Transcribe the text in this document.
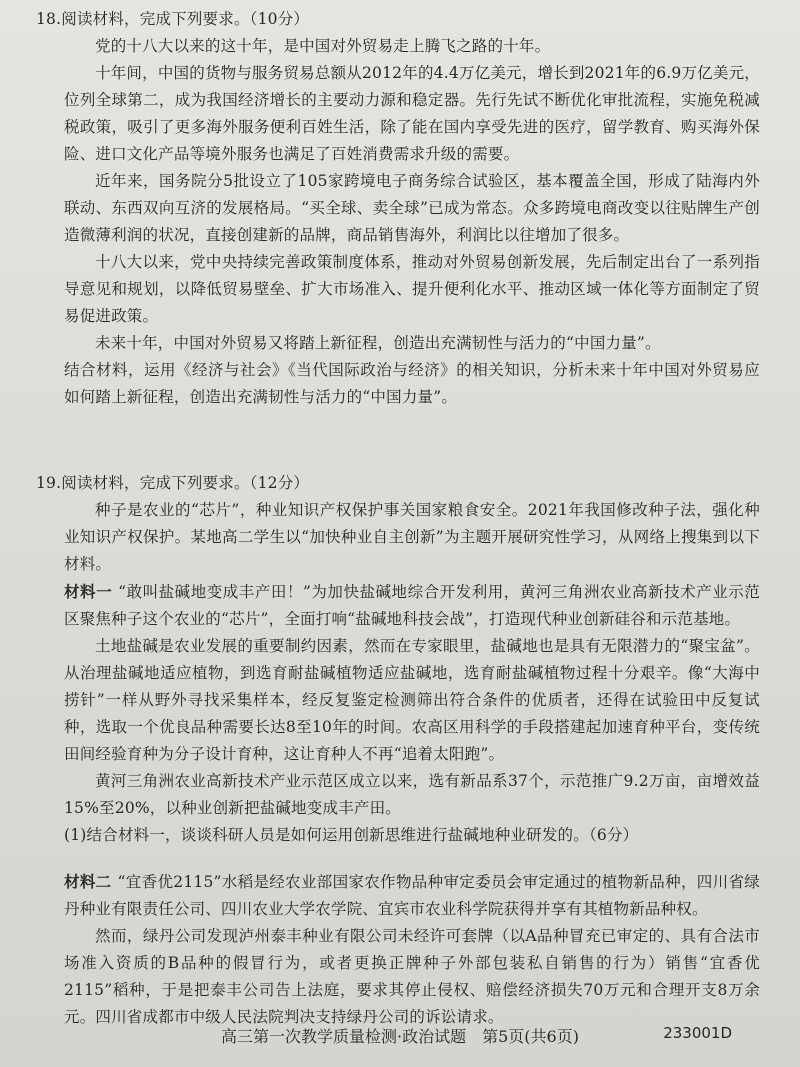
18.阅读材料，完成下列要求。（10分）

党的十八大以来的这十年，是中国对外贸易走上腾飞之路的十年。

十年间，中国的货物与服务贸易总额从2012年的4.4万亿美元，增长到2021年的6.9万亿美元，位列全球第二，成为我国经济增长的主要动力源和稳定器。先行先试不断优化审批流程，实施免税减税政策，吸引了更多海外服务便利百姓生活，除了能在国内享受先进的医疗，留学教育、购买海外保险、进口文化产品等境外服务也满足了百姓消费需求升级的需要。

近年来，国务院分5批设立了105家跨境电子商务综合试验区，基本覆盖全国，形成了陆海内外联动、东西双向互济的发展格局。“买全球、卖全球”已成为常态。众多跨境电商改变以往贴牌生产创造微薄利润的状况，直接创建新的品牌，商品销售海外，利润比以往增加了很多。

十八大以来，党中央持续完善政策制度体系，推动对外贸易创新发展，先后制定出台了一系列指导意见和规划，以降低贸易壁垒、扩大市场准入、提升便利化水平、推动区域一体化等方面制定了贸易促进政策。

未来十年，中国对外贸易又将踏上新征程，创造出充满韧性与活力的“中国力量”。

结合材料，运用《经济与社会》《当代国际政治与经济》的相关知识，分析未来十年中国对外贸易应如何踏上新征程，创造出充满韧性与活力的“中国力量”。

19.阅读材料，完成下列要求。（12分）

种子是农业的“芯片”，种业知识产权保护事关国家粮食安全。2021年我国修改种子法，强化种业知识产权保护。某地高二学生以“加快种业自主创新”为主题开展研究性学习，从网络上搜集到以下材料。

材料一 “敢叫盐碱地变成丰产田！”为加快盐碱地综合开发利用，黄河三角洲农业高新技术产业示范区聚焦种子这个农业的“芯片”，全面打响“盐碱地科技会战”，打造现代种业创新硅谷和示范基地。

土地盐碱是农业发展的重要制约因素，然而在专家眼里，盐碱地也是具有无限潜力的“聚宝盆”。从治理盐碱地适应植物，到选育耐盐碱植物适应盐碱地，选育耐盐碱植物过程十分艰辛。像“大海中捞针”一样从野外寻找采集样本，经反复鉴定检测筛出符合条件的优质者，还得在试验田中反复试种，选取一个优良品种需要长达8至10年的时间。农高区用科学的手段搭建起加速育种平台，变传统田间经验育种为分子设计育种，这让育种人不再“追着太阳跑”。

黄河三角洲农业高新技术产业示范区成立以来，选有新品系37个，示范推广9.2万亩，亩增效益15%至20%，以种业创新把盐碱地变成丰产田。

(1)结合材料一，谈谈科研人员是如何运用创新思维进行盐碱地种业研发的。（6分）

材料二 “宜香优2115”水稻是经农业部国家农作物品种审定委员会审定通过的植物新品种，四川省绿丹种业有限责任公司、四川农业大学农学院、宜宾市农业科学院获得并享有其植物新品种权。

然而，绿丹公司发现泸州泰丰种业有限公司未经许可套牌（以A品种冒充已审定的、具有合法市场准入资质的B品种的假冒行为，或者更换正牌种子外部包装私自销售的行为）销售“宜香优2115”稻种，于是把泰丰公司告上法庭，要求其停止侵权、赔偿经济损失70万元和合理开支8万余元。四川省成都市中级人民法院判决支持绿丹公司的诉讼请求。

高三第一次教学质量检测·政治试题　第5页(共6页)	233001D
